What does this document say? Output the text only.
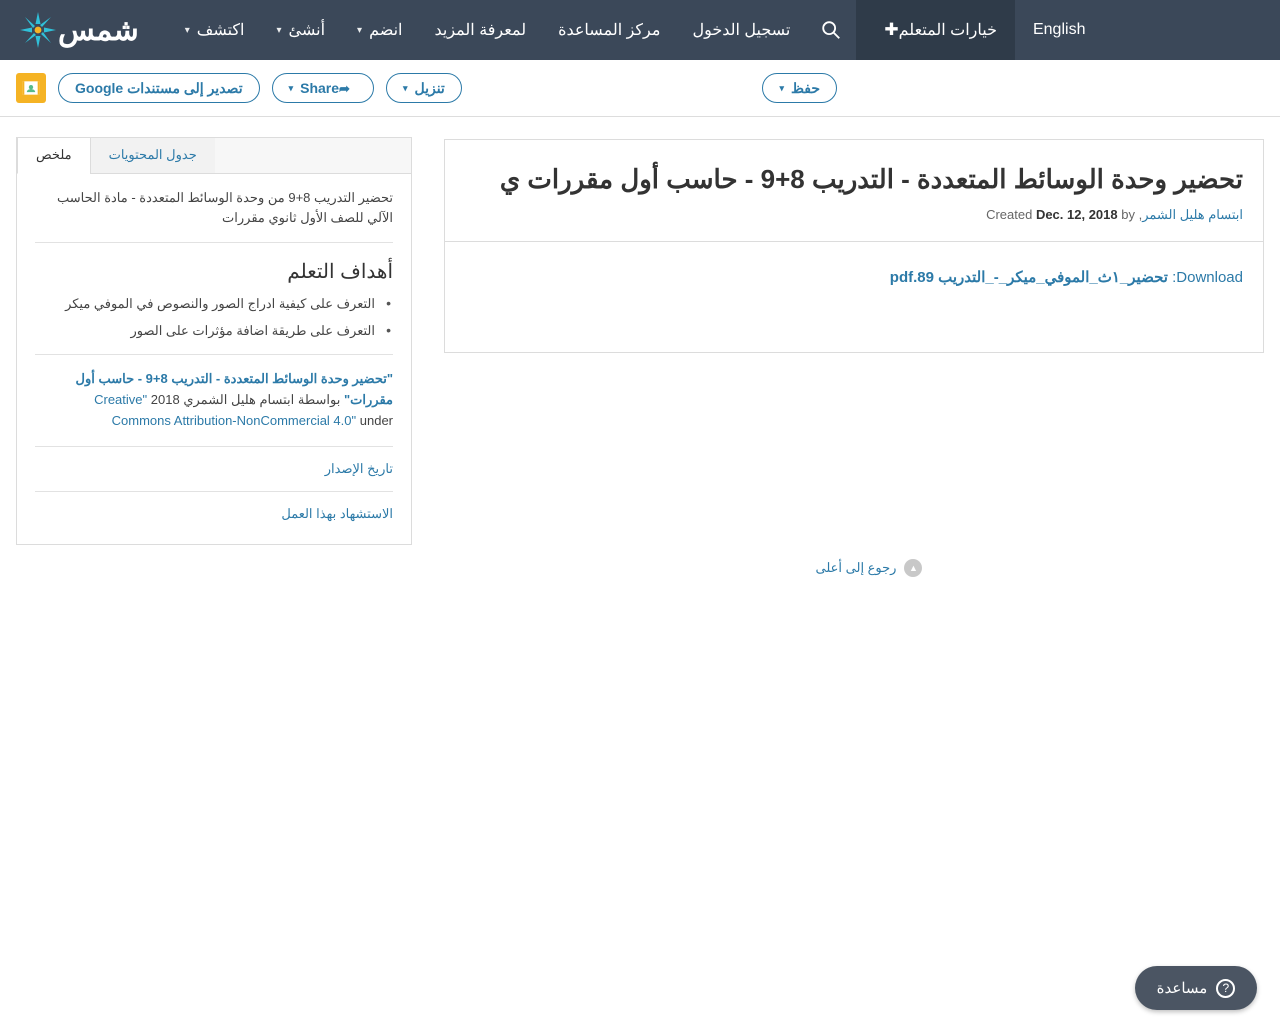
شمس	اكتشف
▾	أنشئ
▾	انضم
▾	لمعرفة المزيد مركز المساعدة تسجيل الدخول	خيارات المتعلم
✚	English
حفظ
▾
تنزيل
▾
➦
Share
▾
تصدير إلى مستندات Google
تحضير وحدة الوسائط المتعددة - التدريب 8+9 - حاسب أول مقررات ي
ابتسام هليل الشمر, Created Dec. 12, 2018 by
Download: تحضير_١ث_الموفي_ميكر_-_التدريب 89.pdf
ملخص	جدول المحتويات
تحضير التدريب 8+9 من وحدة الوسائط المتعددة - مادة الحاسب الآلي للصف الأول ثانوي مقررات
أهداف التعلم
• التعرف على كيفية ادراج الصور والنصوص في الموفي ميكر
• التعرف على طريقة اضافة مؤثرات على الصور
"تحضير وحدة الوسائط المتعددة - التدريب 8+9 - حاسب أول مقررات" بواسطة ابتسام هليل الشمري 2018 "Creative Commons Attribution-NonCommercial 4.0" under
تاريخ الإصدار
الاستشهاد بهذا العمل
رجوع إلى أعلى	▲
مساعدة	?
